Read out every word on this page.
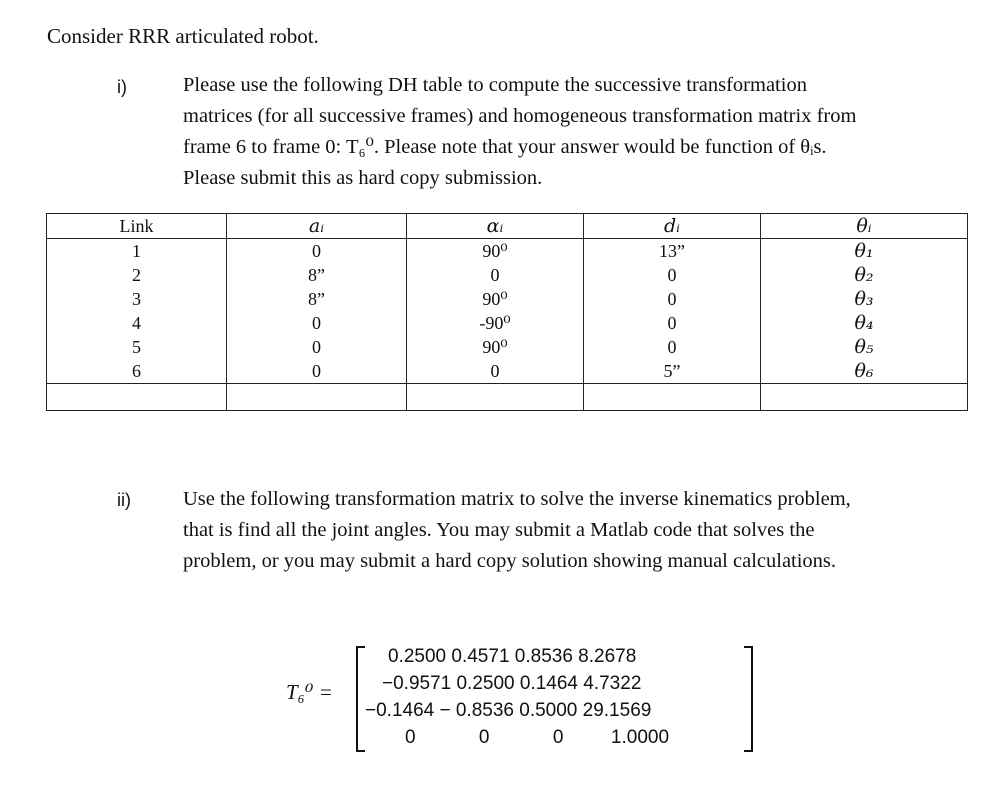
Consider RRR articulated robot.
i)	Please use the following DH table to compute the successive transformation
matrices (for all successive frames) and homogeneous transformation matrix from
frame 6 to frame 0: T₆⁰. Please note that your answer would be function of θᵢs.
Please submit this as hard copy submission.
Link	aᵢ	αᵢ	dᵢ	θᵢ
1	0	90⁰	13”	θ₁
2	8”	0	0	θ₂
3	8”	90⁰	0	θ₃
4	0	-90⁰	0	θ₄
5	0	90⁰	0	θ₅
6	0	0	5”	θ₆

ii)	Use the following transformation matrix to solve the inverse kinematics problem,
that is find all the joint angles. You may submit a Matlab code that solves the
problem, or you may submit a hard copy solution showing manual calculations.
T₆⁰ =
0.2500 0.4571 0.8536 8.2678
−0.9571 0.2500 0.1464 4.7322
−0.1464 − 0.8536 0.5000 29.1569
0            0            0         1.0000
